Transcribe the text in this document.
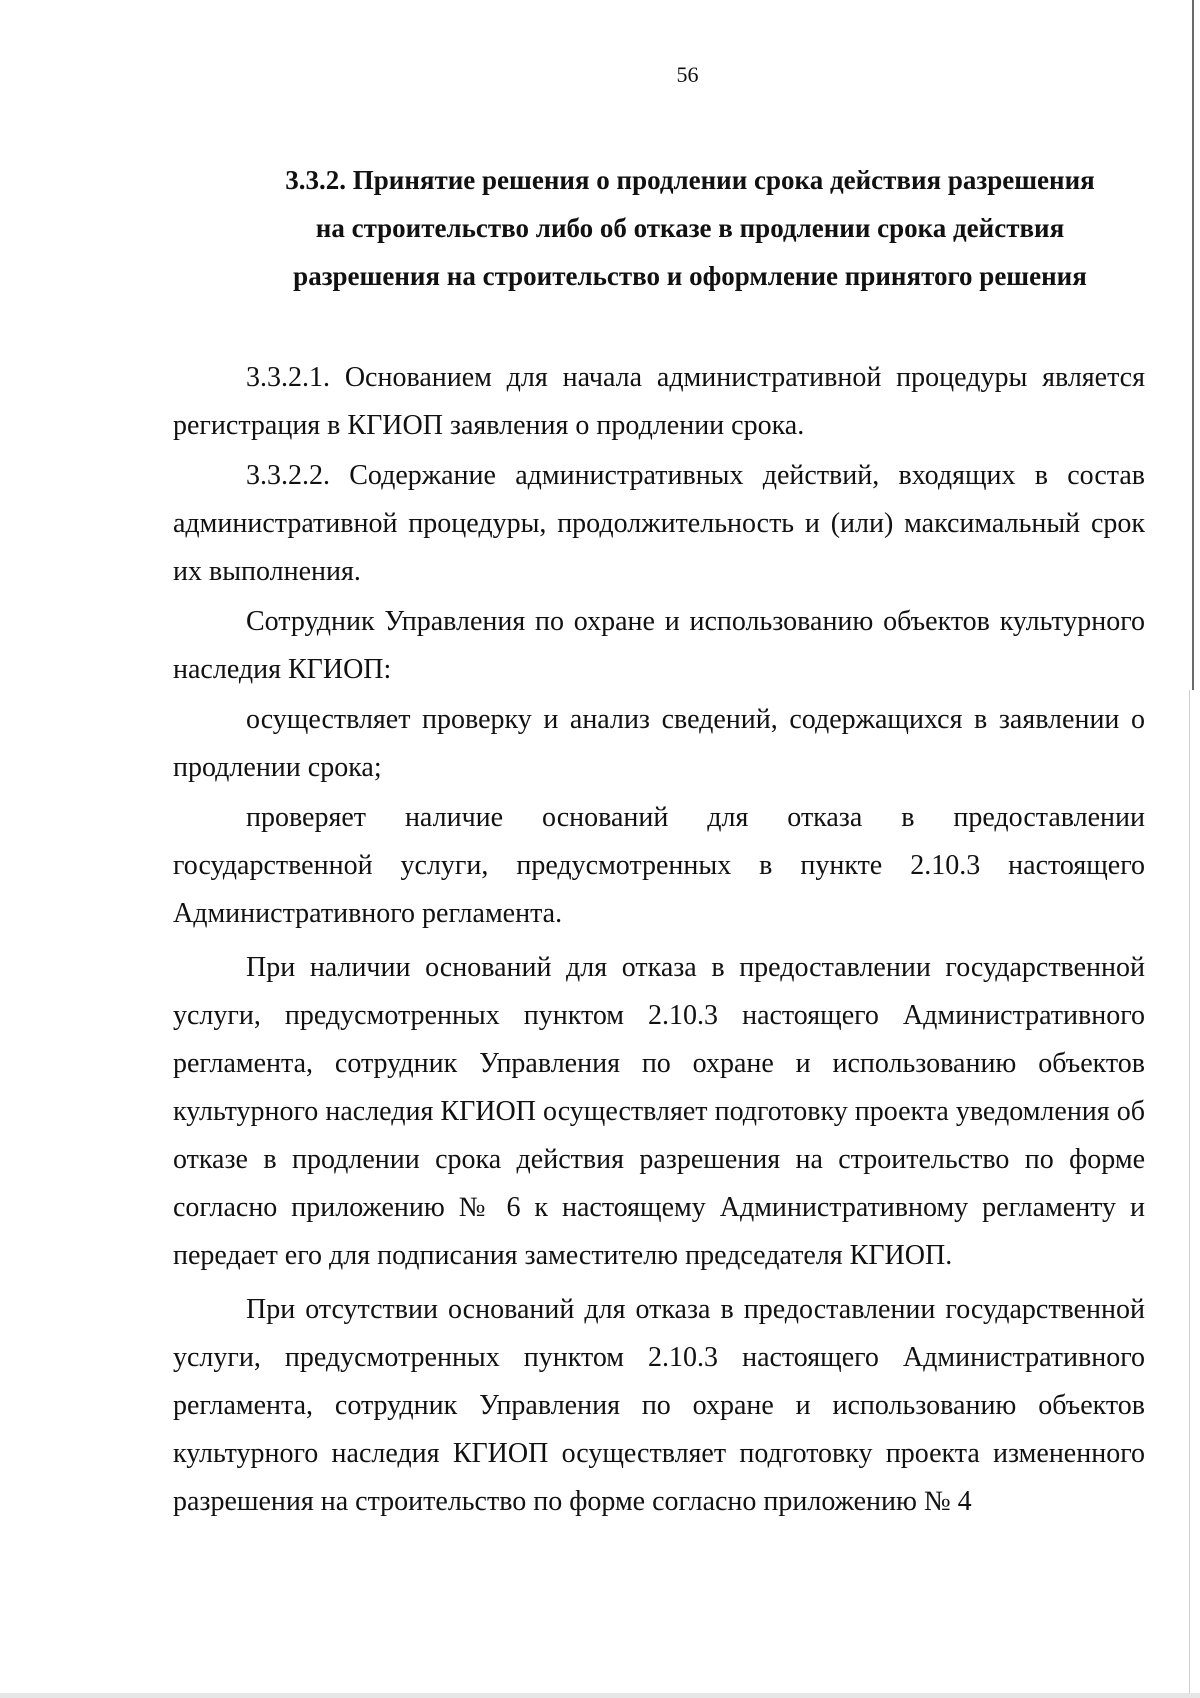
56
3.3.2. Принятие решения о продлении срока действия разрешения
на строительство либо об отказе в продлении срока действия
разрешения на строительство и оформление принятого решения

3.3.2.1. Основанием для начала административной процедуры является регистрация в КГИОП заявления о продлении срока.

3.3.2.2. Содержание административных действий, входящих в состав административной процедуры, продолжительность и (или) максимальный срок их выполнения.

Сотрудник Управления по охране и использованию объектов культурного наследия КГИОП:

осуществляет проверку и анализ сведений, содержащихся в заявлении о продлении срока;

проверяет наличие оснований для отказа в предоставлении государственной услуги, предусмотренных в пункте 2.10.3 настоящего Административного регламента.

При наличии оснований для отказа в предоставлении государственной услуги, предусмотренных пунктом 2.10.3 настоящего Административного регламента, сотрудник Управления по охране и использованию объектов культурного наследия КГИОП осуществляет подготовку проекта уведомления об отказе в продлении срока действия разрешения на строительство по форме согласно приложению № 6 к настоящему Административному регламенту и передает его для подписания заместителю председателя КГИОП.

При отсутствии оснований для отказа в предоставлении государственной услуги, предусмотренных пунктом 2.10.3 настоящего Административного регламента, сотрудник Управления по охране и использованию объектов культурного наследия КГИОП осуществляет подготовку проекта измененного разрешения на строительство по форме согласно приложению № 4
